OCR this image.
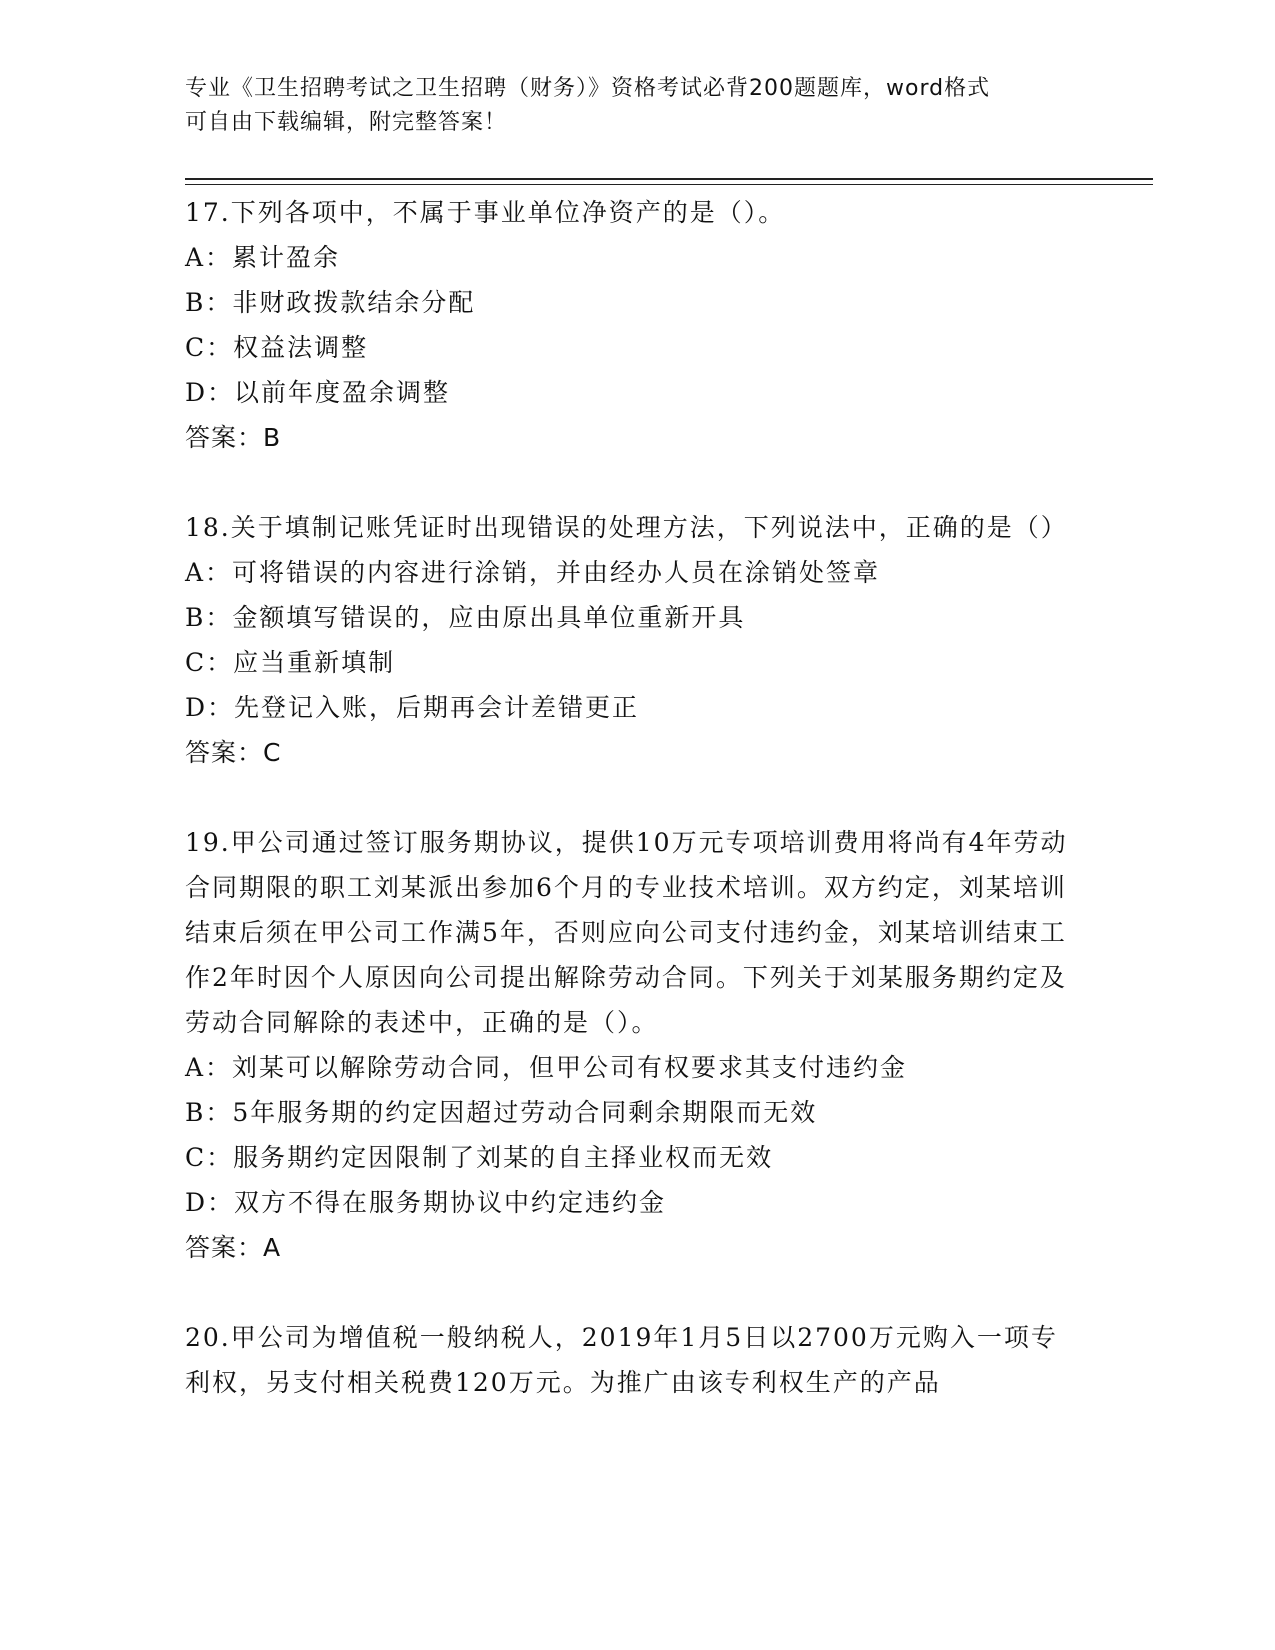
专业《卫生招聘考试之卫生招聘（财务）》资格考试必背200题题库，word格式

可自由下载编辑，附完整答案！

17.下列各项中，不属于事业单位净资产的是（）。

A：累计盈余

B：非财政拨款结余分配

C：权益法调整

D：以前年度盈余调整

答案：B

18.关于填制记账凭证时出现错误的处理方法，下列说法中，正确的是（）

A：可将错误的内容进行涂销，并由经办人员在涂销处签章

B：金额填写错误的，应由原出具单位重新开具

C：应当重新填制

D：先登记入账，后期再会计差错更正

答案：C

19.甲公司通过签订服务期协议，提供10万元专项培训费用将尚有4年劳动合同期限的职工刘某派出参加6个月的专业技术培训。双方约定，刘某培训结束后须在甲公司工作满5年，否则应向公司支付违约金，刘某培训结束工作2年时因个人原因向公司提出解除劳动合同。下列关于刘某服务期约定及劳动合同解除的表述中，正确的是（）。

A：刘某可以解除劳动合同，但甲公司有权要求其支付违约金

B：5年服务期的约定因超过劳动合同剩余期限而无效

C：服务期约定因限制了刘某的自主择业权而无效

D：双方不得在服务期协议中约定违约金

答案：A

20.甲公司为增值税一般纳税人，2019年1月5日以2700万元购入一项专利权，另支付相关税费120万元。为推广由该专利权生产的产品
